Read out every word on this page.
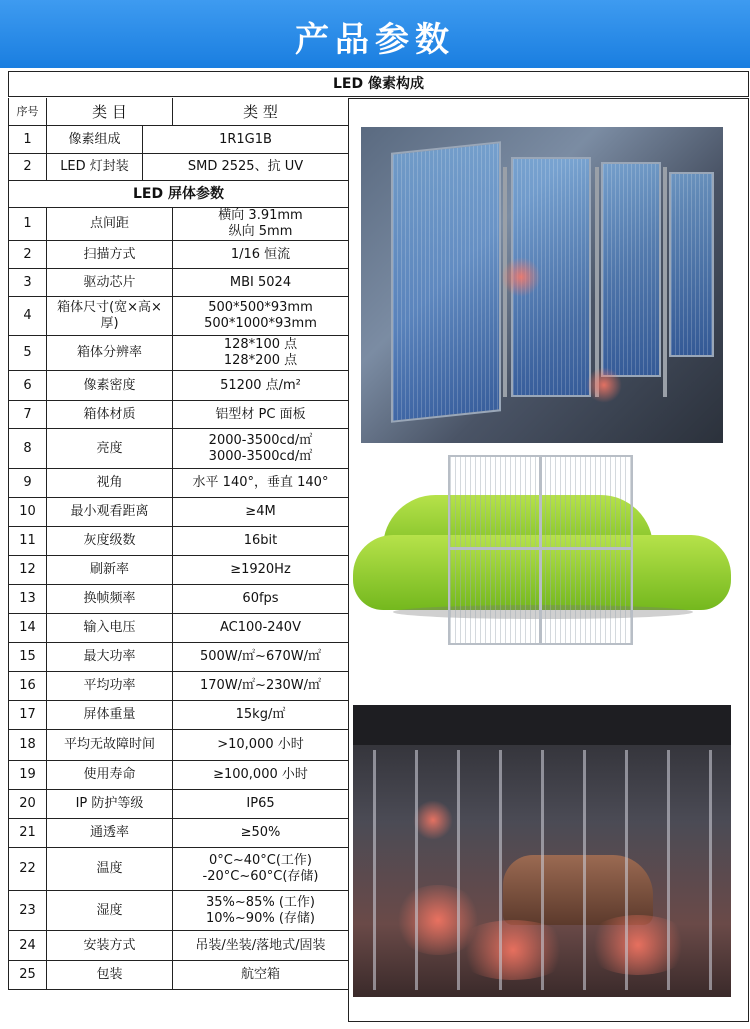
产品参数
LED 像素构成

序号	类 目		类 型
1	像素组成	1R1G1B	
2	LED 灯封装	SMD 2525、抗 UV	
LED 屏体参数			
1	点间距		横向 3.91mm
纵向 5mm

2	扫描方式		1/16 恒流

3	驱动芯片		MBI 5024

4	箱体尺寸(宽×高×厚)		500*500*93mm
500*1000*93mm

5	箱体分辨率		128*100 点
128*200 点

6	像素密度		51200 点/m²

7	箱体材质		铝型材 PC 面板

8	亮度		2000-3500cd/㎡
3000-3500cd/㎡

9	视角		水平 140°，垂直 140°

10	最小观看距离		≥4M

11	灰度级数		16bit

12	刷新率		≥1920Hz

13	换帧频率		60fps

14	输入电压		AC100-240V

15	最大功率		500W/㎡~670W/㎡

16	平均功率		170W/㎡~230W/㎡

17	屏体重量		15kg/㎡

18	平均无故障时间		>10,000 小时

19	使用寿命		≥100,000 小时

20	IP 防护等级		IP65

21	通透率		≥50%

22	温度		0°C~40°C(工作)
-20°C~60°C(存储)

23	湿度		35%~85% (工作)
10%~90% (存储)

24	安装方式		吊装/坐装/落地式/固装

25	包装		航空箱
